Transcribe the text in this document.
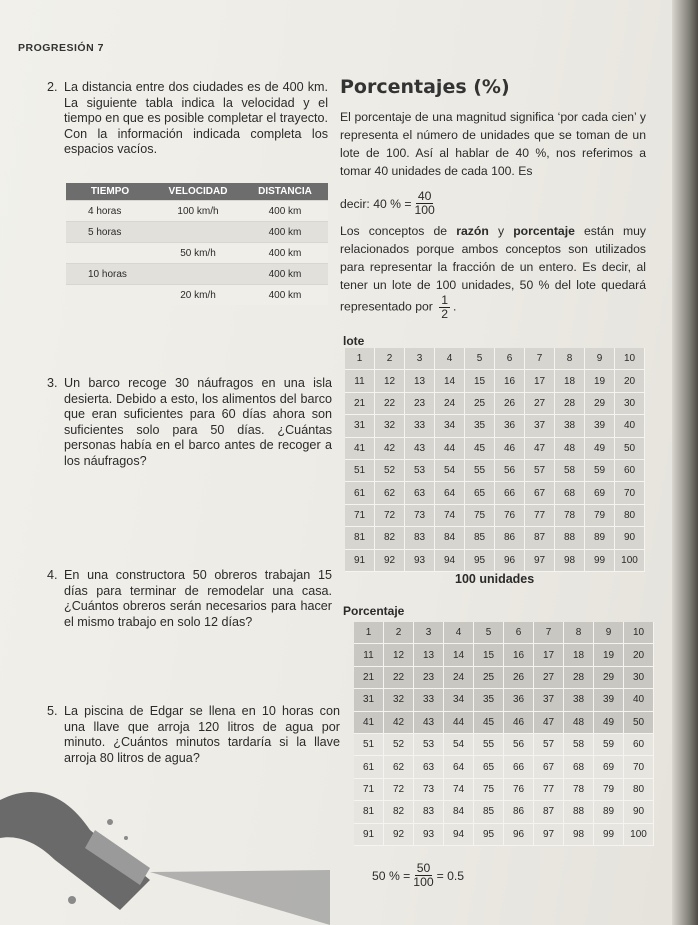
PROGRESIÓN 7
2. La distancia entre dos ciudades es de 400 km. La siguiente tabla indica la velocidad y el tiempo en que es posible completar el trayecto. Con la información indicada completa los espacios vacíos.
TIEMPO	VELOCIDAD	DISTANCIA
4 horas	100 km/h	400 km
5 horas		400 km
	50 km/h	400 km
10 horas		400 km
	20 km/h	400 km
3. Un barco recoge 30 náufragos en una isla desierta. Debido a esto, los alimentos del barco que eran suficientes para 60 días ahora son suficientes solo para 50 días. ¿Cuántas personas había en el barco antes de recoger a los náufragos?
4. En una constructora 50 obreros trabajan 15 días para terminar de remodelar una casa. ¿Cuántos obreros serán necesarios para hacer el mismo trabajo en solo 12 días?
5. La piscina de Edgar se llena en 10 horas con una llave que arroja 120 litros de agua por minuto. ¿Cuántos minutos tardaría si la llave arroja 80 litros de agua?
Porcentajes (%)
El porcentaje de una magnitud significa ‘por cada cien’ y representa el número de unidades que se toman de un lote de 100. Así al hablar de 40 %, nos referimos a tomar 40 unidades de cada 100. Es
decir: 40 % = $\frac{40}{100}$
Los conceptos de razón y porcentaje están muy relacionados porque ambos conceptos son utilizados para representar la fracción de un entero. Es decir, al tener un lote de 100 unidades, 50 % del lote quedará representado por $\frac{1}{2}$ .
lote
1	2	3	4	5	6	7	8	9	10
11	12	13	14	15	16	17	18	19	20
21	22	23	24	25	26	27	28	29	30
31	32	33	34	35	36	37	38	39	40
41	42	43	44	45	46	47	48	49	50
51	52	53	54	55	56	57	58	59	60
61	62	63	64	65	66	67	68	69	70
71	72	73	74	75	76	77	78	79	80
81	82	83	84	85	86	87	88	89	90
91	92	93	94	95	96	97	98	99	100
100 unidades
Porcentaje
1	2	3	4	5	6	7	8	9	10
11	12	13	14	15	16	17	18	19	20
21	22	23	24	25	26	27	28	29	30
31	32	33	34	35	36	37	38	39	40
41	42	43	44	45	46	47	48	49	50
51	52	53	54	55	56	57	58	59	60
61	62	63	64	65	66	67	68	69	70
71	72	73	74	75	76	77	78	79	80
81	82	83	84	85	86	87	88	89	90
91	92	93	94	95	96	97	98	99	100
50 % = $\frac{50}{100} = 0.5$
